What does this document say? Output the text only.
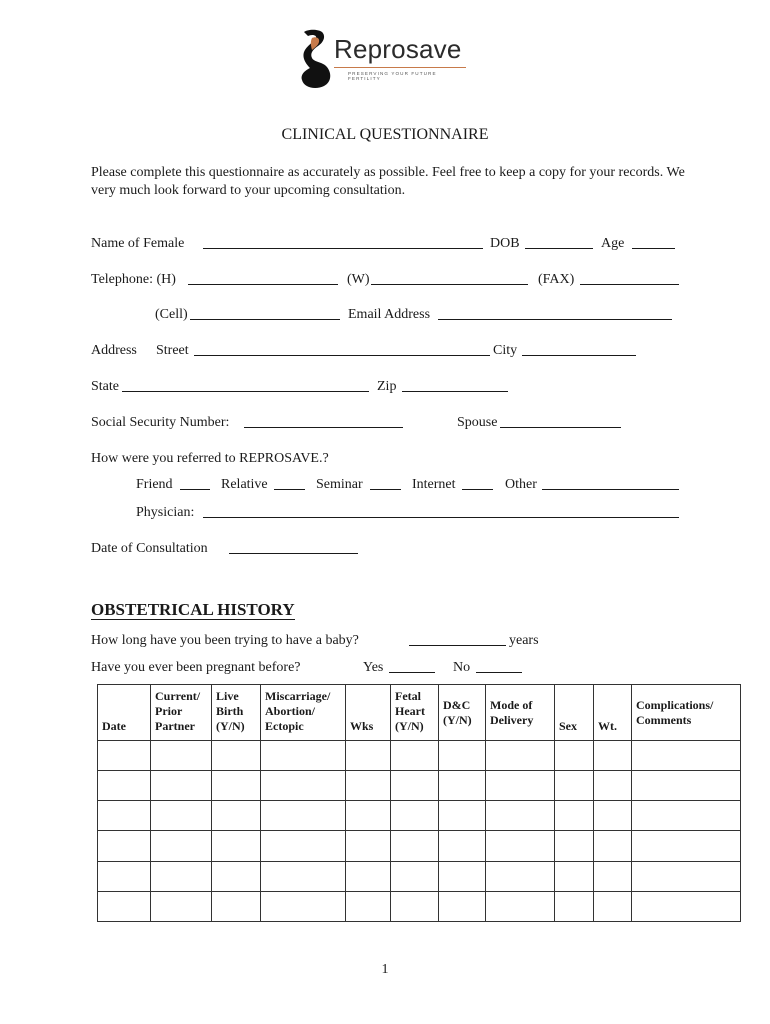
Reprosave
PRESERVING YOUR FUTURE FERTILITY
CLINICAL QUESTIONNAIRE
Please complete this questionnaire as accurately as possible. Feel free to keep a copy for your records. We very much look forward to your upcoming consultation.
Name of Female	DOB	Age
Telephone: (H)	(W)	(FAX)
(Cell)	Email Address
Address Street	City
State	Zip
Social Security Number:	Spouse
How were you referred to REPROSAVE.?
Friend	Relative	Seminar	Internet	Other
Physician:
Date of Consultation
OBSTETRICAL HISTORY
How long have you been trying to have a baby?	years
Have you ever been pregnant before?	Yes	No
Date	Current/ Prior Partner	Live Birth (Y/N)	Miscarriage/ Abortion/ Ectopic	Wks	Fetal Heart (Y/N)	D&C (Y/N)	Mode of Delivery	Sex	Wt.	Complications/ Comments

1
